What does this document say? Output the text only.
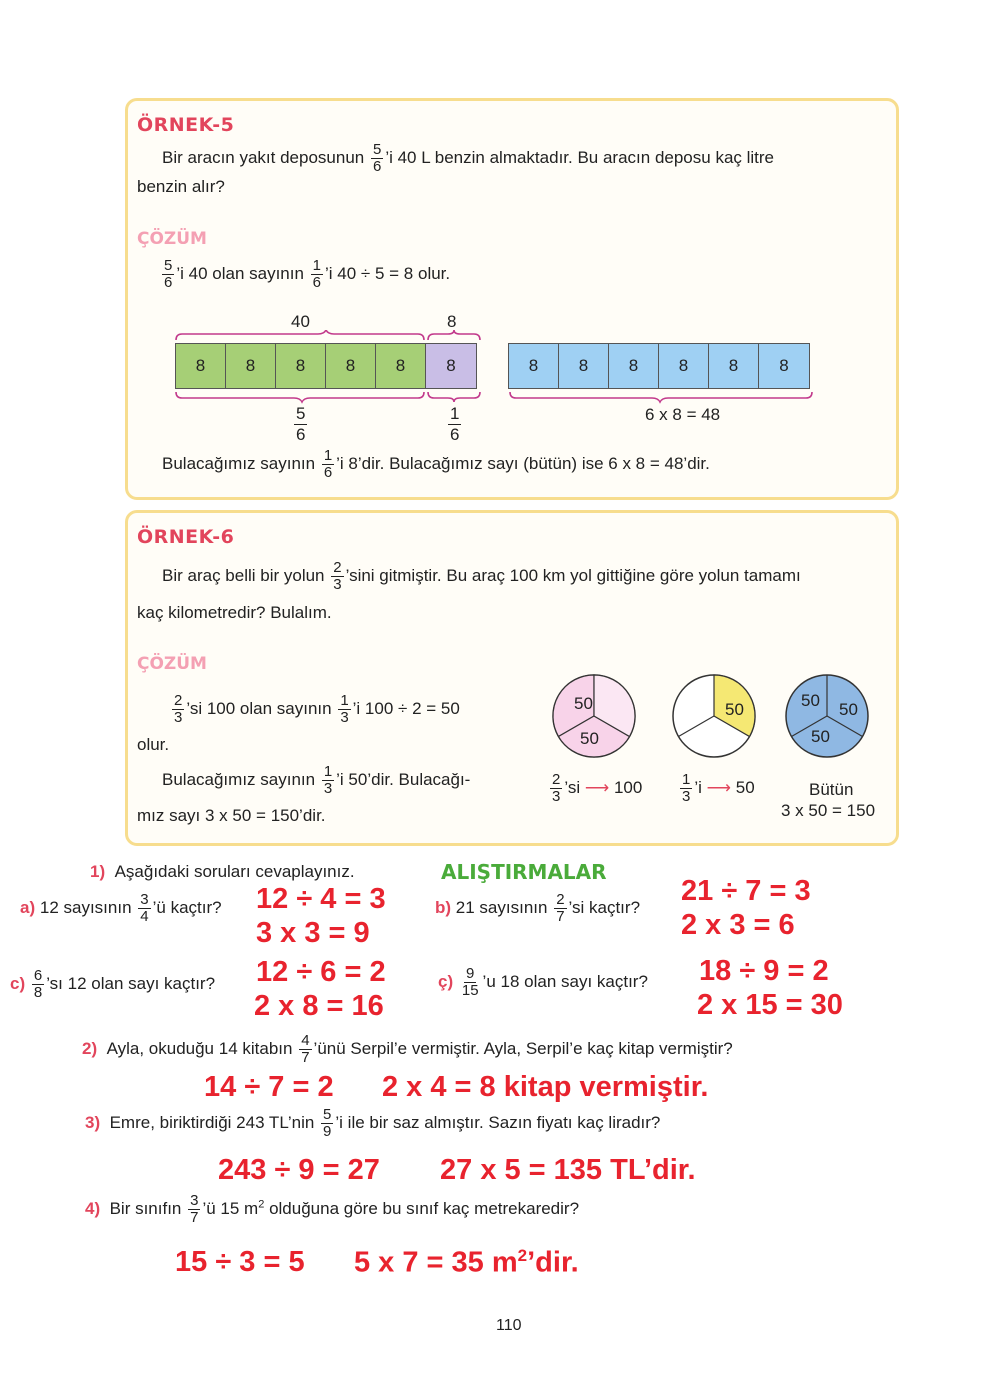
ÖRNEK-5
Bir aracın yakıt deposunun $\frac{5}{6}$ ’i 40 L benzin almaktadır. Bu aracın deposu kaç litre
benzin alır?
ÇÖZÜM
$\frac{5}{6}$ ’i 40 olan sayının $\frac{1}{6}$ ’i 40 ÷ 5 = 8 olur.
40	8
8	8	8	8	8	8	8	8	8	8	8	8
$\frac{5}{6}$	$\frac{1}{6}$	6 x 8 = 48
Bulacağımız sayının $\frac{1}{6}$ ’i 8’dir. Bulacağımız sayı (bütün) ise 6 x 8 = 48’dir.
ÖRNEK-6
Bir araç belli bir yolun $\frac{2}{3}$ ’sini gitmiştir. Bu araç 100 km yol gittiğine göre yolun tamamı
kaç kilometredir? Bulalım.
ÇÖZÜM
$\frac{2}{3}$ ’si 100 olan sayının $\frac{1}{3}$ ’i 100 ÷ 2 = 50
olur.
Bulacağımız sayının $\frac{1}{3}$ ’i 50’dir. Bulacağı-
mız sayı 3 x 50 = 150’dir.
50
50
50	50 50
50
$\frac{2}{3}$ ’si ⟶ 100	$\frac{1}{3}$ ’i ⟶ 50	Bütün
3 x 50 = 150
ALIŞTIRMALAR
1) Aşağıdaki soruları cevaplayınız.
a) 12 sayısının $\frac{3}{4}$ ’ü kaçtır? 12 ÷ 4 = 3
3 x 3 = 9
b) 21 sayısının $\frac{2}{7}$ ’si kaçtır?
21 ÷ 7 = 3
2 x 3 = 6
$c) \frac{6}{8}$ ’sı 12 olan sayı kaçtır? 12 ÷ 6 = 2
2 x 8 = 16
ç) $\frac{9}{15}$ ’u 18 olan sayı kaçtır? 18 ÷ 9 = 2
2 x 15 = 30
2) Ayla, okuduğu 14 kitabın $\frac{4}{7}$ ’ünü Serpil’e vermiştir. Ayla, Serpil’e kaç kitap vermiştir?
14 ÷ 7 = 2 2 x 4 = 8 kitap vermiştir.
3) Emre, biriktirdiği 243 TL’nin $\frac{5}{9}$ ’i ile bir saz almıştır. Sazın fiyatı kaç liradır?
243 ÷ 9 = 27 27 x 5 = 135 TL’dir.
4) Bir sınıfın $\frac{3}{7}$ ’ü 15 $m^2$ olduğuna göre bu sınıf kaç metrekaredir?
15 ÷ 3 = 5 5 x 7 = 35 $m^2’dir$.
110
